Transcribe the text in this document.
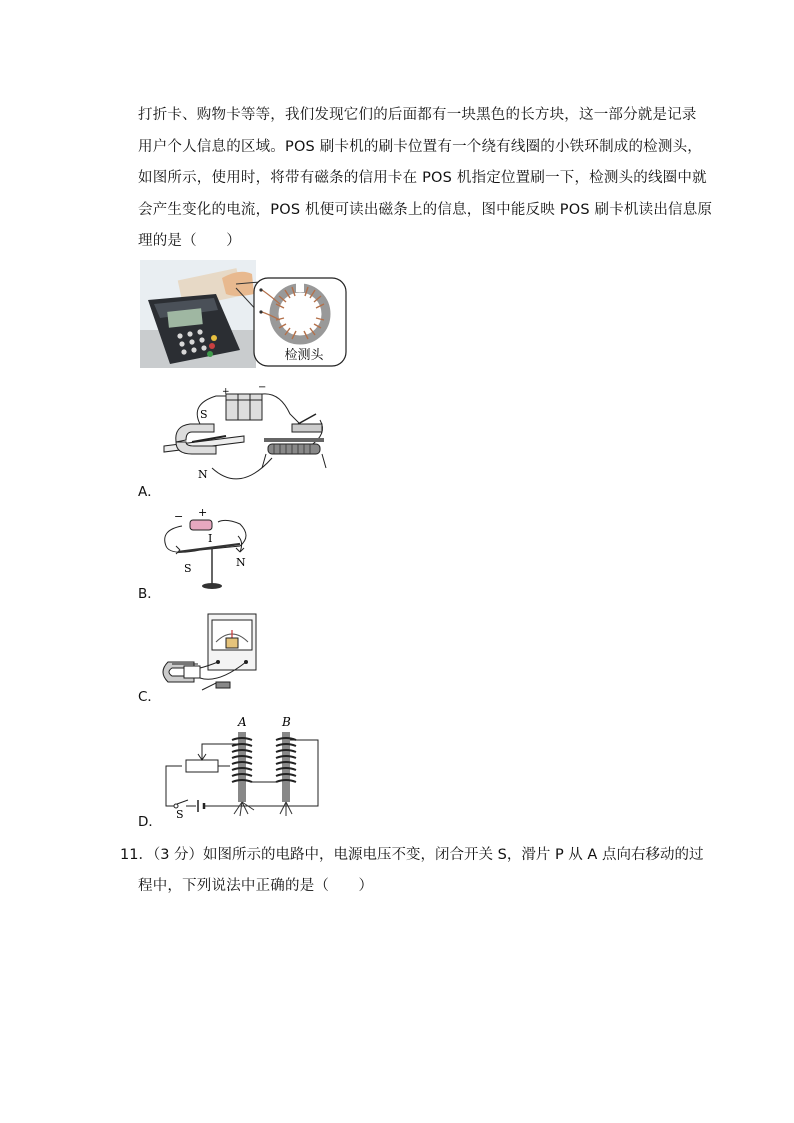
打折卡、购物卡等等，我们发现它们的后面都有一块黑色的长方块，这一部分就是记录
用户个人信息的区域。POS 刷卡机的刷卡位置有一个绕有线圈的小铁环制成的检测头，
如图所示，使用时，将带有磁条的信用卡在 POS 机指定位置刷一下，检测头的线圈中就
会产生变化的电流，POS 机便可读出磁条上的信息，图中能反映 POS 刷卡机读出信息原
理的是（　　）
检测头
+	−
S
N
A．
− +
I
S	N
B．
C．
S
A	B
D．
11．（3 分）如图所示的电路中，电源电压不变，闭合开关 S，滑片 P 从 A 点向右移动的过
程中，下列说法中正确的是（　　）
